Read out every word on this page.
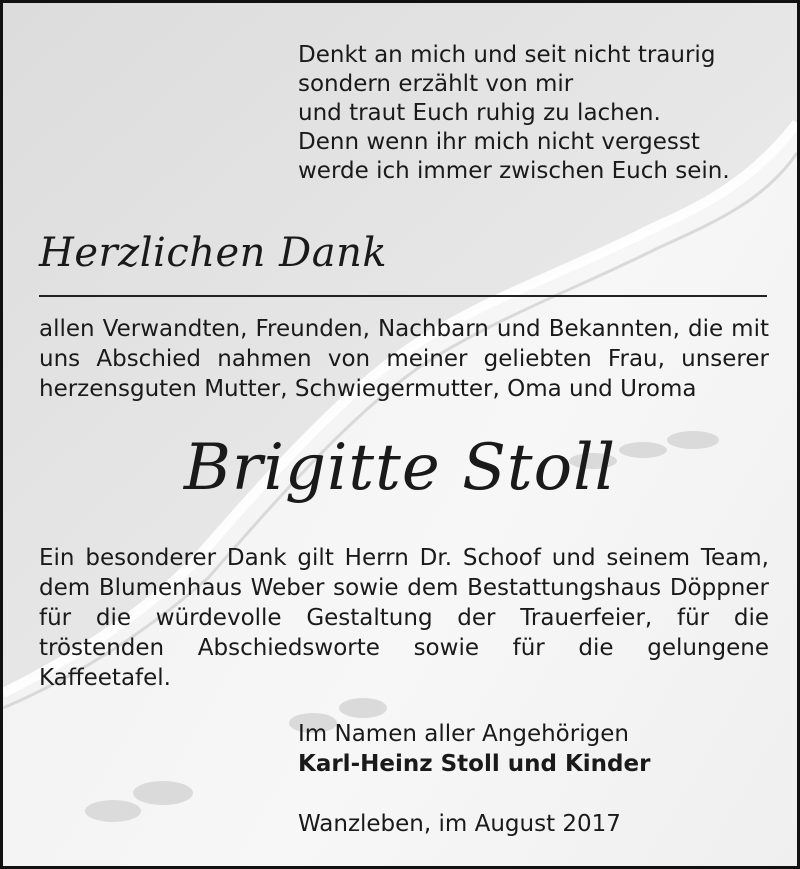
Denkt an mich und seit nicht traurig
sondern erzählt von mir
und traut Euch ruhig zu lachen.
Denn wenn ihr mich nicht vergesst
werde ich immer zwischen Euch sein.

Herzlichen Dank

allen Verwandten, Freunden, Nachbarn und Bekannten, die mit uns Abschied nahmen von meiner geliebten Frau, unserer herzensguten Mutter, Schwiegermutter, Oma und Uroma

Brigitte Stoll

Ein besonderer Dank gilt Herrn Dr. Schoof und seinem Team, dem Blumenhaus Weber sowie dem Bestattungshaus Döppner für die würdevolle Gestaltung der Trauerfeier, für die tröstenden Abschiedsworte sowie für die gelungene Kaffeetafel.

Im Namen aller Angehörigen
Karl-Heinz Stoll und Kinder
Wanzleben, im August 2017
